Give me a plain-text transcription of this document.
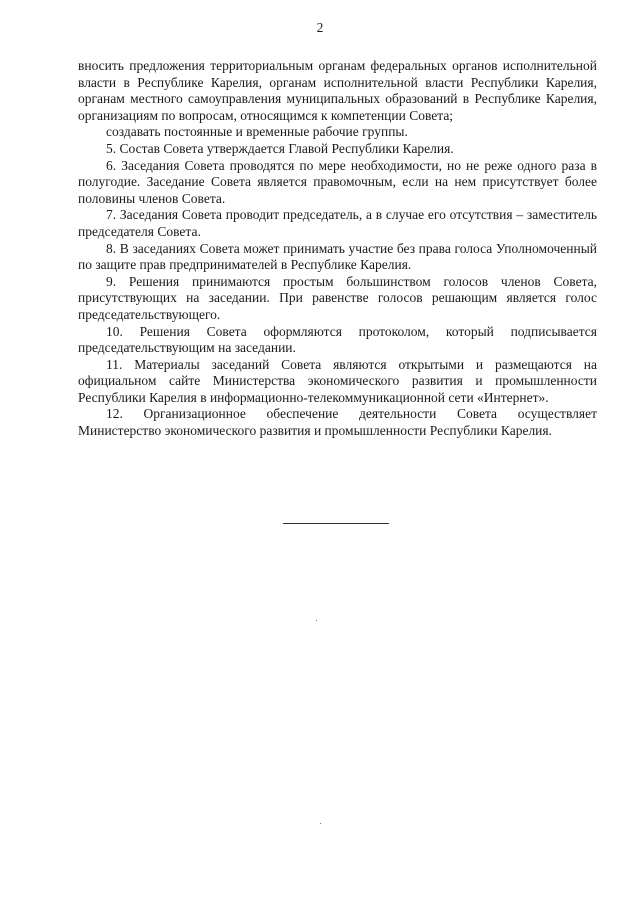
2

вносить предложения территориальным органам федеральных органов исполнительной власти в Республике Карелия, органам исполнительной власти Республики Карелия, органам местного самоуправления муниципальных образований в Республике Карелия, организациям по вопросам, относящимся к компетенции Совета;

создавать постоянные и временные рабочие группы.

5. Состав Совета утверждается Главой Республики Карелия.

6. Заседания Совета проводятся по мере необходимости, но не реже одного раза в полугодие. Заседание Совета является правомочным, если на нем присутствует более половины членов Совета.

7. Заседания Совета проводит председатель, а в случае его отсутствия – заместитель председателя Совета.

8. В заседаниях Совета может принимать участие без права голоса Уполномоченный по защите прав предпринимателей в Республике Карелия.

9. Решения принимаются простым большинством голосов членов Совета, присутствующих на заседании. При равенстве голосов решающим является голос председательствующего.

10. Решения Совета оформляются протоколом, который подписывается председательствующим на заседании.

11. Материалы заседаний Совета являются открытыми и размещаются на официальном сайте Министерства экономического развития и промышленности Республики Карелия в информационно-телекоммуникационной сети «Интернет».

12. Организационное обеспечение деятельности Совета осуществляет Министерство экономического развития и промышленности Республики Карелия.
